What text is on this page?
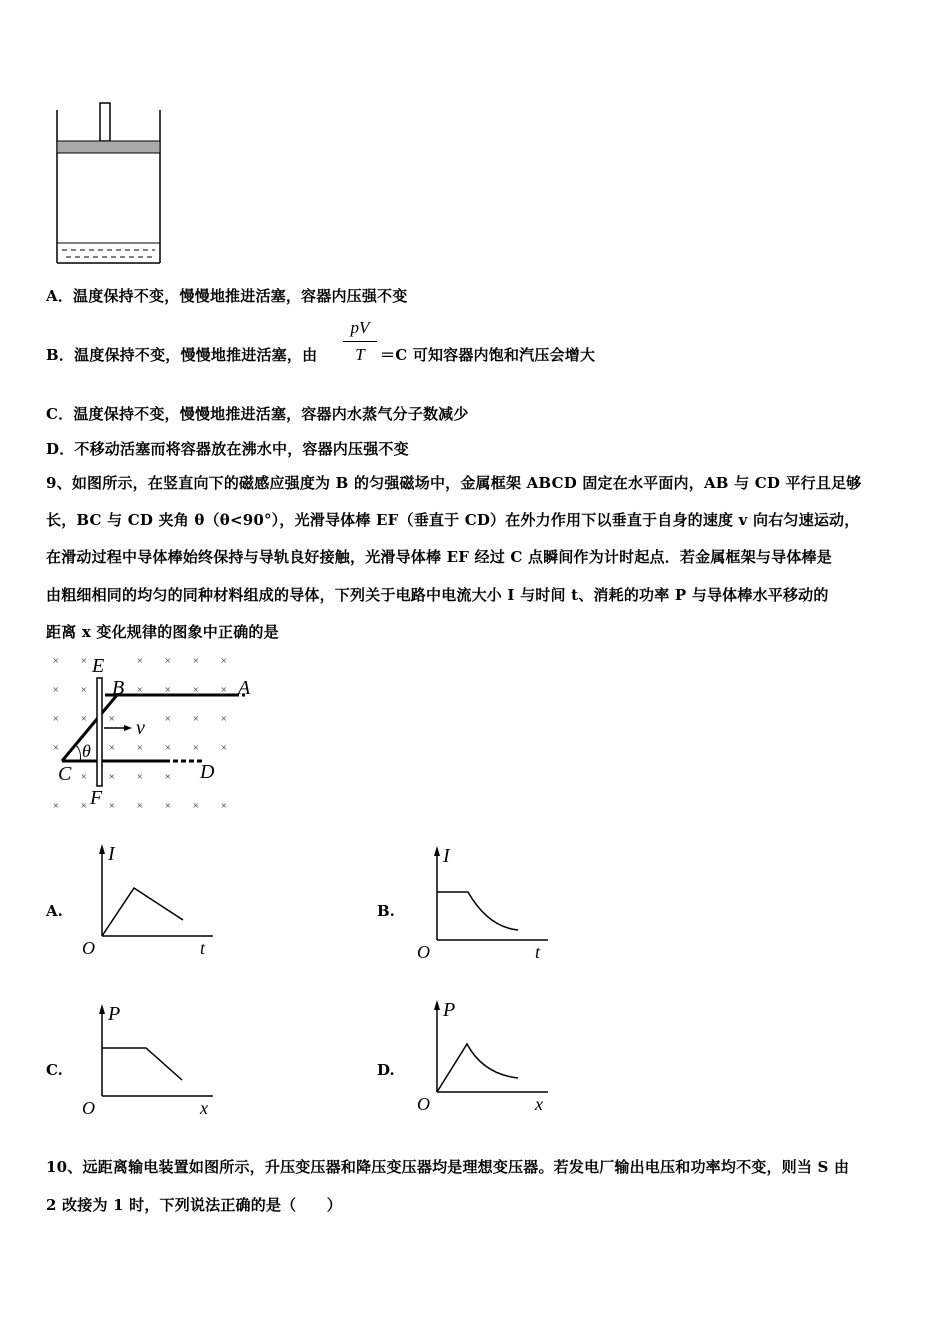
A．温度保持不变，慢慢地推进活塞，容器内压强不变
B．温度保持不变，慢慢地推进活塞，由
pV
T	＝C 可知容器内饱和汽压会增大
C．温度保持不变，慢慢地推进活塞，容器内水蒸气分子数减少
D．不移动活塞而将容器放在沸水中，容器内压强不变
9、如图所示，在竖直向下的磁感应强度为 B 的匀强磁场中，金属框架 ABCD 固定在水平面内，AB 与 CD 平行且足够
长，BC 与 CD 夹角 θ（θ<90°），光滑导体棒 EF（垂直于 CD）在外力作用下以垂直于自身的速度 v 向右匀速运动，
在滑动过程中导体棒始终保持与导轨良好接触，光滑导体棒 EF 经过 C 点瞬间作为计时起点．若金属框架与导体棒是
由粗细相同的均匀的同种材料组成的导体，下列关于电路中电流大小 I 与时间 t、消耗的功率 P 与导体棒水平移动的
距离 x 变化规律的图象中正确的是
× ×	× × × ×
× ×	× × × ×
× × ×	× × ×
×	× × × × ×
× × × ×
× × × × × × ×
E
B	A
v
θ
C	D
F
A.
I
t
O
B.
I
t
O
C.
P
x
O
D.
P
x
O
10、远距离输电装置如图所示，升压变压器和降压变压器均是理想变压器。若发电厂输出电压和功率均不变，则当 S 由
2 改接为 1 时，下列说法正确的是（　　）
